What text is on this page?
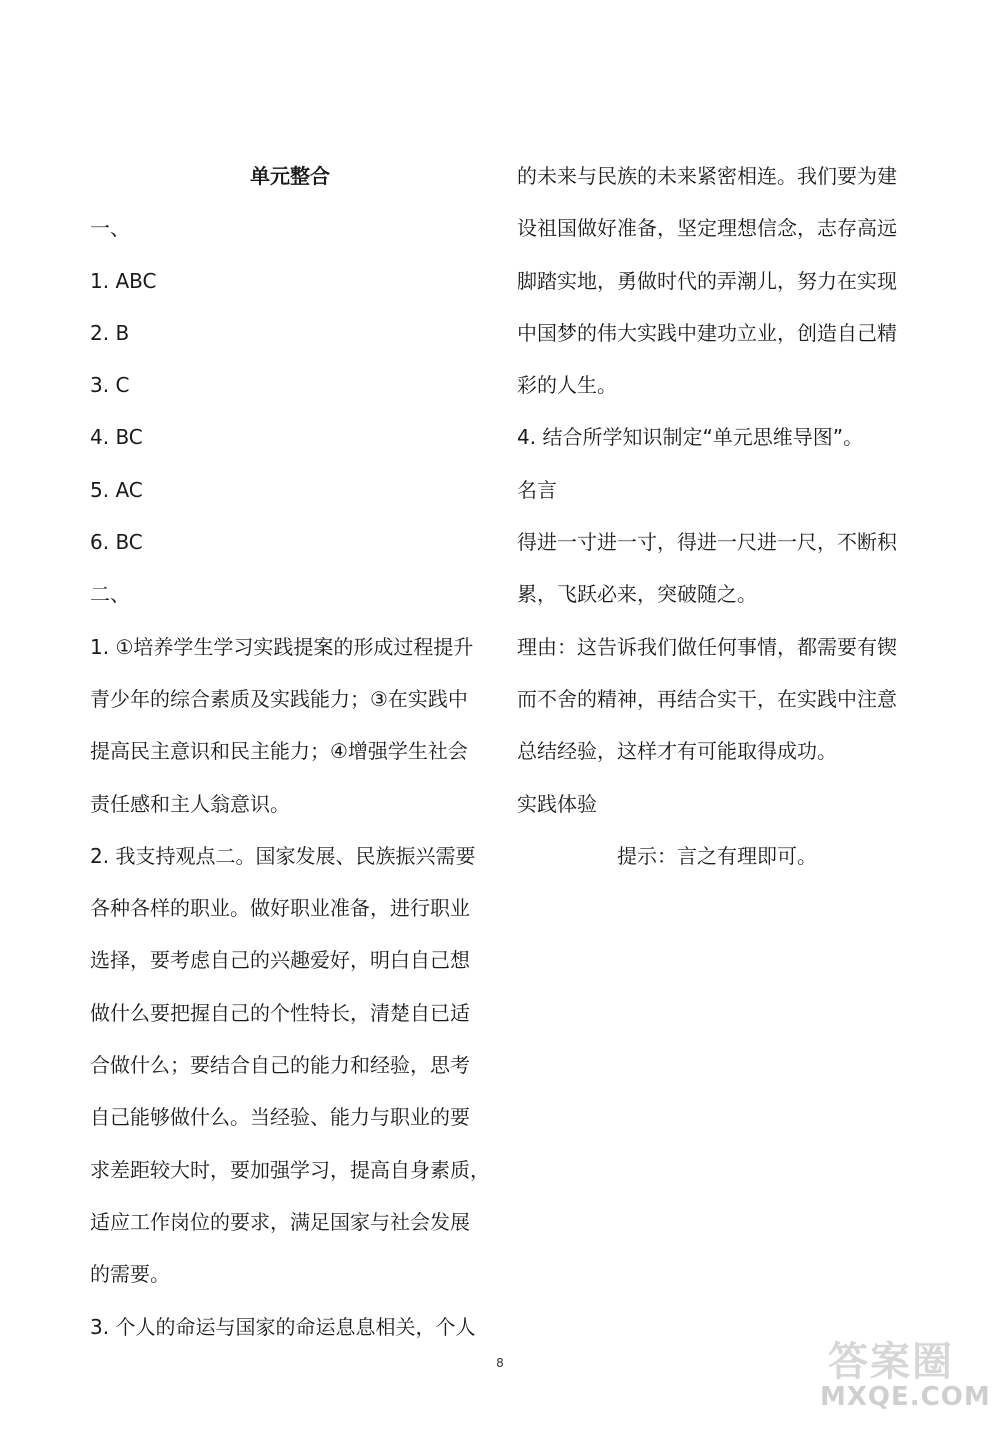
单元整合
一、
1. ABC
2. B
3. C
4. BC
5. AC
6. BC
二、
1. ①培养学生学习实践提案的形成过程提升
青少年的综合素质及实践能力；③在实践中
提高民主意识和民主能力；④增强学生社会
责任感和主人翁意识。
2. 我支持观点二。国家发展、民族振兴需要
各种各样的职业。做好职业准备，进行职业
选择，要考虑自己的兴趣爱好，明白自己想
做什么要把握自己的个性特长，清楚自已适
合做什么；要结合自己的能力和经验，思考
自己能够做什么。当经验、能力与职业的要
求差距较大时，要加强学习，提高自身素质，
适应工作岗位的要求，满足国家与社会发展
的需要。
3. 个人的命运与国家的命运息息相关，个人
的未来与民族的未来紧密相连。我们要为建
设祖国做好准备，坚定理想信念，志存高远
脚踏实地，勇做时代的弄潮儿，努力在实现
中国梦的伟大实践中建功立业，创造自己精
彩的人生。
4. 结合所学知识制定“单元思维导图”。
名言
得进一寸进一寸，得进一尺进一尺，不断积
累，飞跃必来，突破随之。
理由：这告诉我们做任何事情，都需要有锲
而不舍的精神，再结合实干，在实践中注意
总结经验，这样才有可能取得成功。
实践体验
提示：言之有理即可。
8	答案圈
MXQE.COM
